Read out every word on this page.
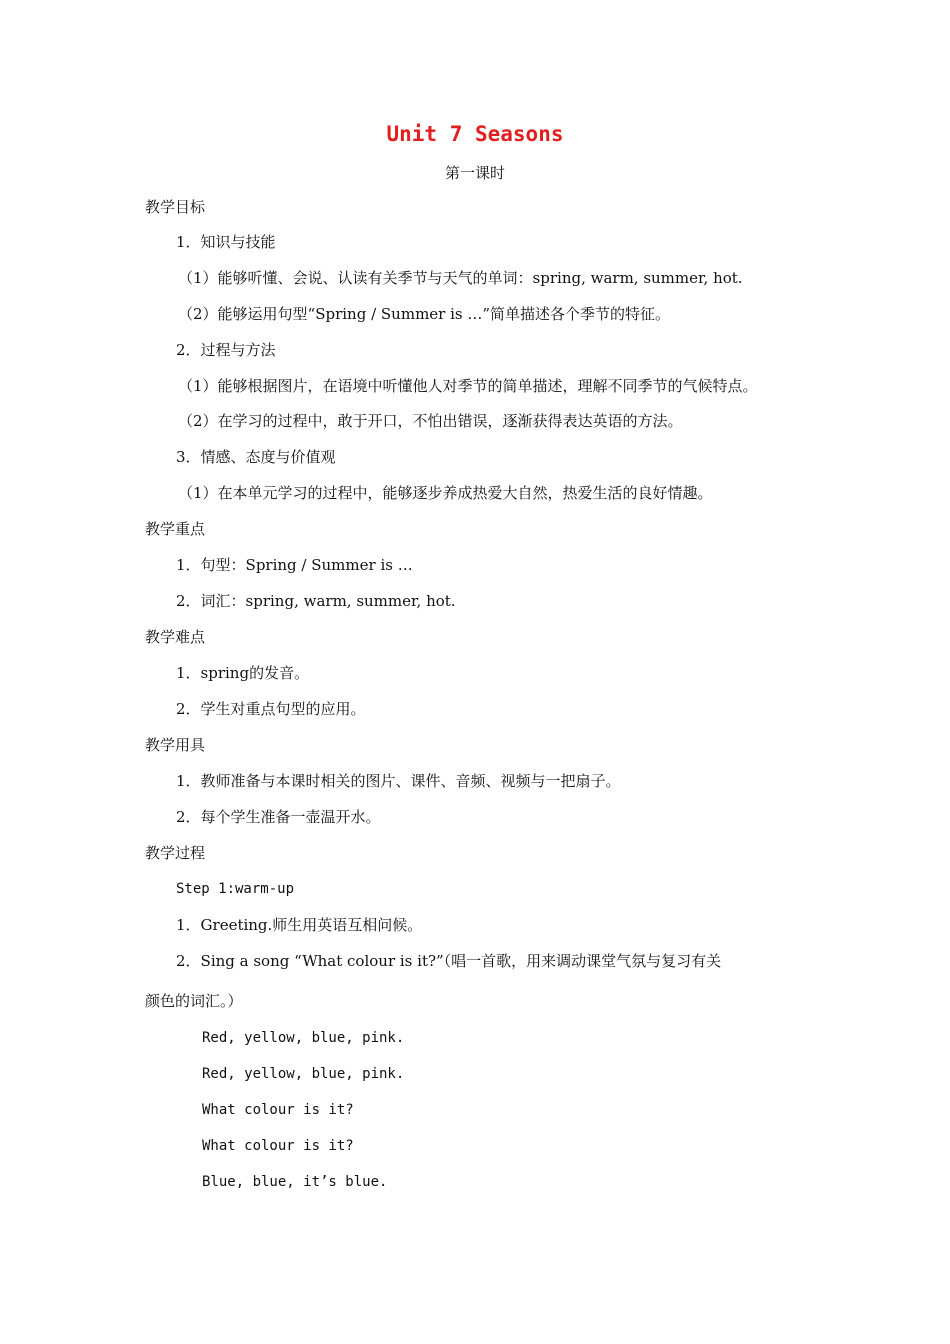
Unit 7 Seasons

第一课时

教学目标

1．知识与技能

（1）能够听懂、会说、认读有关季节与天气的单词：spring, warm, summer, hot.

（2）能够运用句型“Spring / Summer is …”简单描述各个季节的特征。

2．过程与方法

（1）能够根据图片，在语境中听懂他人对季节的简单描述，理解不同季节的气候特点。

（2）在学习的过程中，敢于开口，不怕出错误，逐渐获得表达英语的方法。

3．情感、态度与价值观

（1）在本单元学习的过程中，能够逐步养成热爱大自然，热爱生活的良好情趣。

教学重点

1．句型：Spring / Summer is …

2．词汇：spring, warm, summer, hot.

教学难点

1．spring的发音。

2．学生对重点句型的应用。

教学用具

1．教师准备与本课时相关的图片、课件、音频、视频与一把扇子。

2．每个学生准备一壶温开水。

教学过程

Step 1:warm-up

1．Greeting.师生用英语互相问候。

2．Sing a song “What colour is it?”（唱一首歌，用来调动课堂气氛与复习有关

颜色的词汇。）

Red, yellow, blue, pink.

Red, yellow, blue, pink.

What colour is it?

What colour is it?

Blue, blue, it’s blue.
